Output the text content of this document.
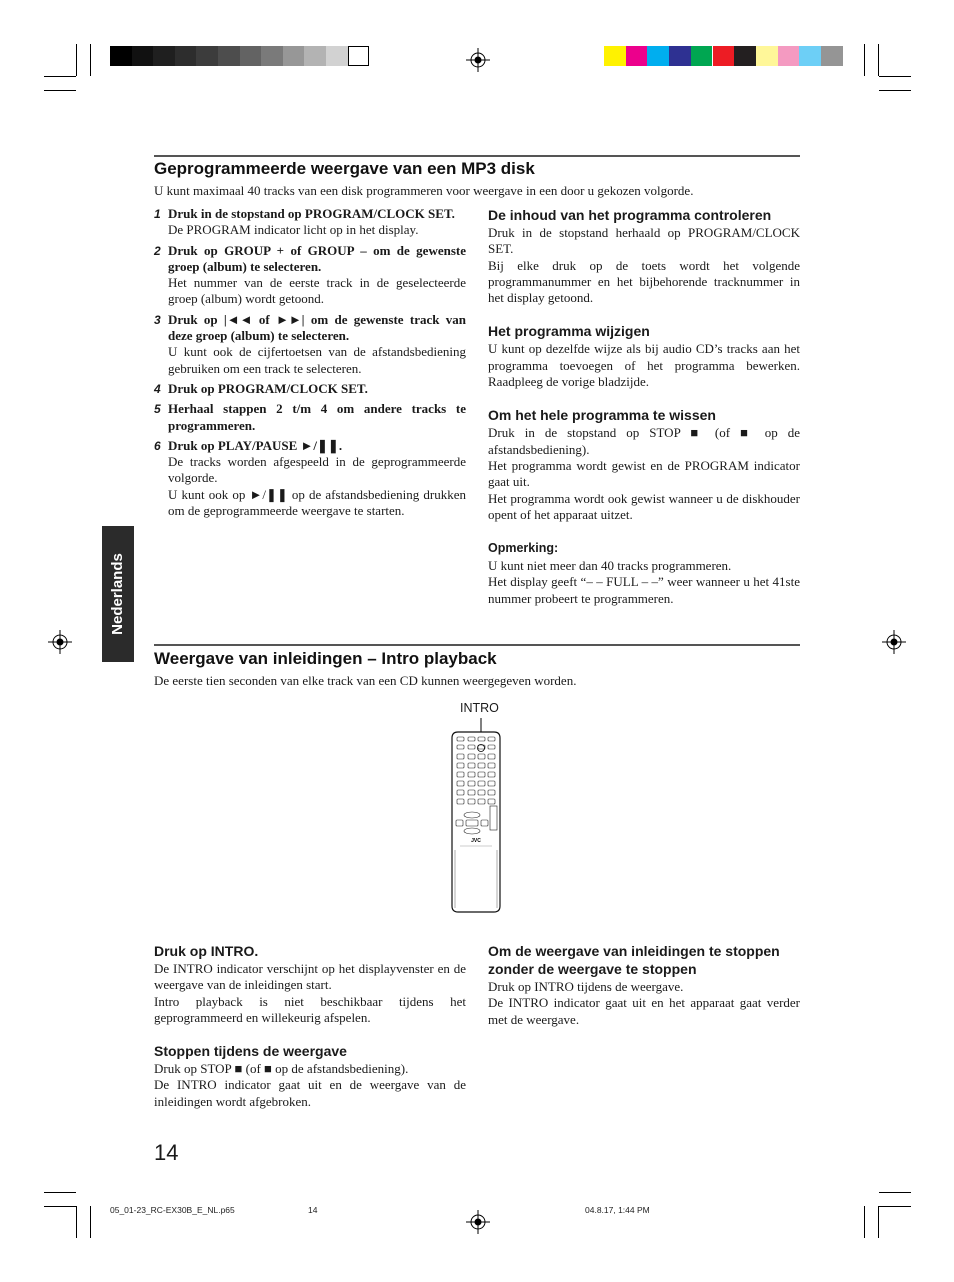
Nederlands
Geprogrammeerde weergave van een MP3 disk
U kunt maximaal 40 tracks van een disk programmeren voor weergave in een door u gekozen volgorde.
1 Druk in de stopstand op PROGRAM/CLOCK SET.
De PROGRAM indicator licht op in het display.
2 Druk op GROUP + of GROUP – om de gewenste groep (album) te selecteren.
Het nummer van de eerste track in de geselecteerde groep (album) wordt getoond.
3 Druk op |◄◄ of ►►| om de gewenste track van deze groep (album) te selecteren.
U kunt ook de cijfertoetsen van de afstandsbediening gebruiken om een track te selecteren.
4 Druk op PROGRAM/CLOCK SET.
5 Herhaal stappen 2 t/m 4 om andere tracks te programmeren.
6 Druk op PLAY/PAUSE ►/❚❚.
De tracks worden afgespeeld in de geprogrammeerde volgorde.
U kunt ook op ►/❚❚ op de afstandsbediening drukken om de geprogrammeerde weergave te starten.
De inhoud van het programma controleren
Druk in de stopstand herhaald op PROGRAM/CLOCK SET.
Bij elke druk op de toets wordt het volgende programmanummer en het bijbehorende tracknummer in het display getoond.
Het programma wijzigen
U kunt op dezelfde wijze als bij audio CD’s tracks aan het programma toevoegen of het programma bewerken. Raadpleeg de vorige bladzijde.
Om het hele programma te wissen
Druk in de stopstand op STOP ■ (of ■ op de afstandsbediening).
Het programma wordt gewist en de PROGRAM indicator gaat uit.
Het programma wordt ook gewist wanneer u de diskhouder opent of het apparaat uitzet.
Opmerking:
U kunt niet meer dan 40 tracks programmeren.
Het display geeft “– – FULL – –” weer wanneer u het 41ste nummer probeert te programmeren.
Weergave van inleidingen – Intro playback
De eerste tien seconden van elke track van een CD kunnen weergegeven worden.
INTRO
JVC
Druk op INTRO.
De INTRO indicator verschijnt op het displayvenster en de weergave van de inleidingen start.
Intro playback is niet beschikbaar tijdens het geprogrammeerd en willekeurig afspelen.
Stoppen tijdens de weergave
Druk op STOP ■ (of ■ op de afstandsbediening).
De INTRO indicator gaat uit en de weergave van de inleidingen wordt afgebroken.
Om de weergave van inleidingen te stoppen zonder de weergave te stoppen
Druk op INTRO tijdens de weergave.
De INTRO indicator gaat uit en het apparaat gaat verder met de weergave.
14
05_01-23_RC-EX30B_E_NL.p65	14	04.8.17, 1:44 PM
